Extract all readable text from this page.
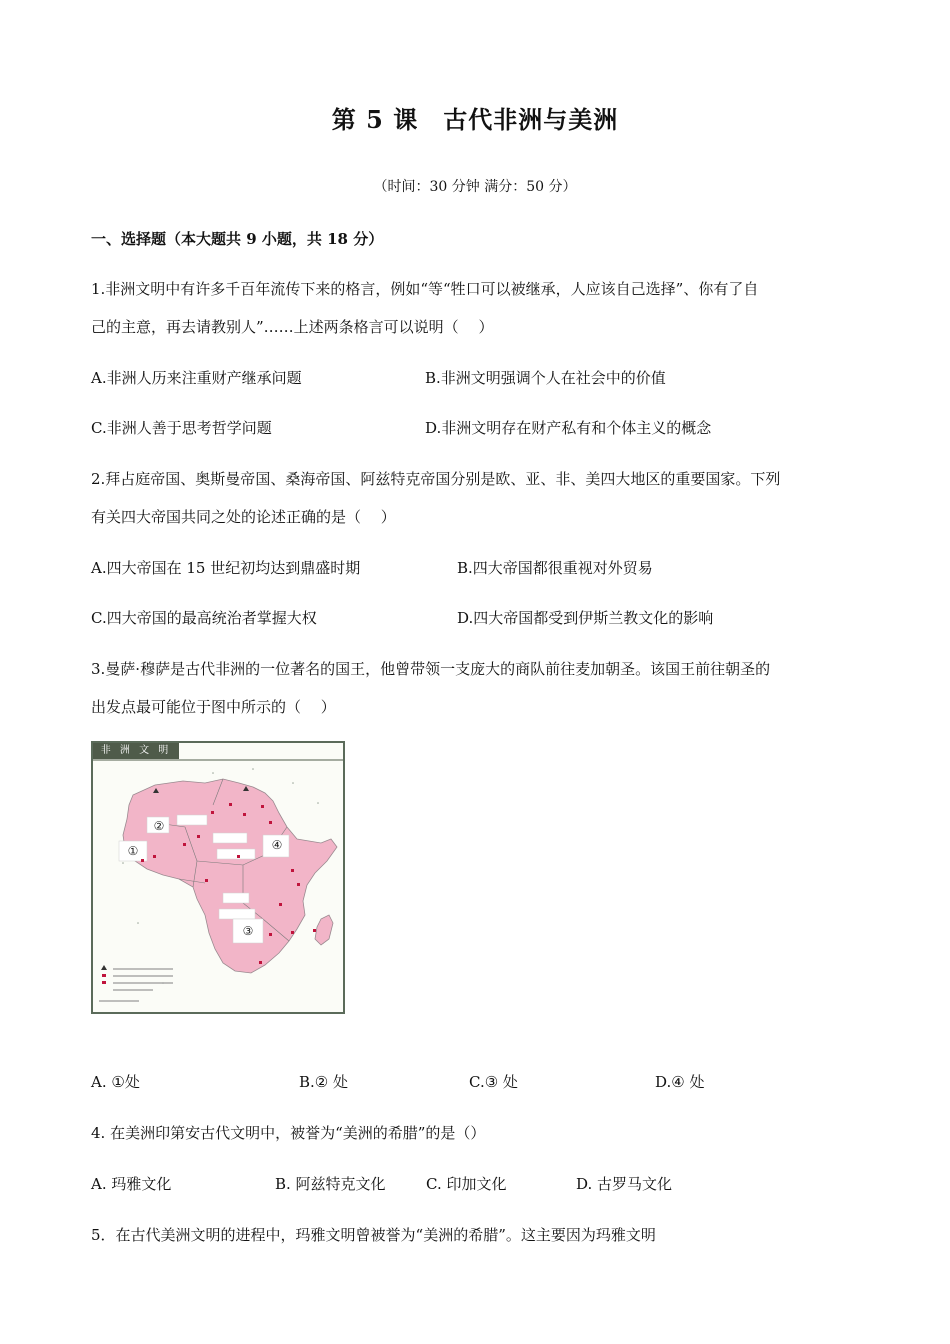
第 5 课　古代非洲与美洲
（时间：30 分钟 满分：50 分）
一、选择题（本大题共 9 小题，共 18 分）
1.非洲文明中有许多千百年流传下来的格言，例如“等“牲口可以被继承，人应该自己选择”、你有了自
己的主意，再去请教别人”……上述两条格言可以说明（　 ）
A.非洲人历来注重财产继承问题	B.非洲文明强调个人在社会中的价值
C.非洲人善于思考哲学问题	D.非洲文明存在财产私有和个体主义的概念
2.拜占庭帝国、奥斯曼帝国、桑海帝国、阿兹特克帝国分别是欧、亚、非、美四大地区的重要国家。下列
有关四大帝国共同之处的论述正确的是（　 ）
A.四大帝国在 15 世纪初均达到鼎盛时期	B.四大帝国都很重视对外贸易
C.四大帝国的最高统治者掌握大权	D.四大帝国都受到伊斯兰教文化的影响
3.曼萨·穆萨是古代非洲的一位著名的国王，他曾带领一支庞大的商队前往麦加朝圣。该国王前往朝圣的
出发点最可能位于图中所示的（　 ）
非 洲 文 明
①
②
③
④
A. ①处	B.② 处	C.③ 处	D.④ 处
4. 在美洲印第安古代文明中，被誉为“美洲的希腊”的是（）
A. 玛雅文化	B. 阿兹特克文化	C. 印加文化	D. 古罗马文化
5．在古代美洲文明的进程中，玛雅文明曾被誉为“美洲的希腊”。这主要因为玛雅文明
